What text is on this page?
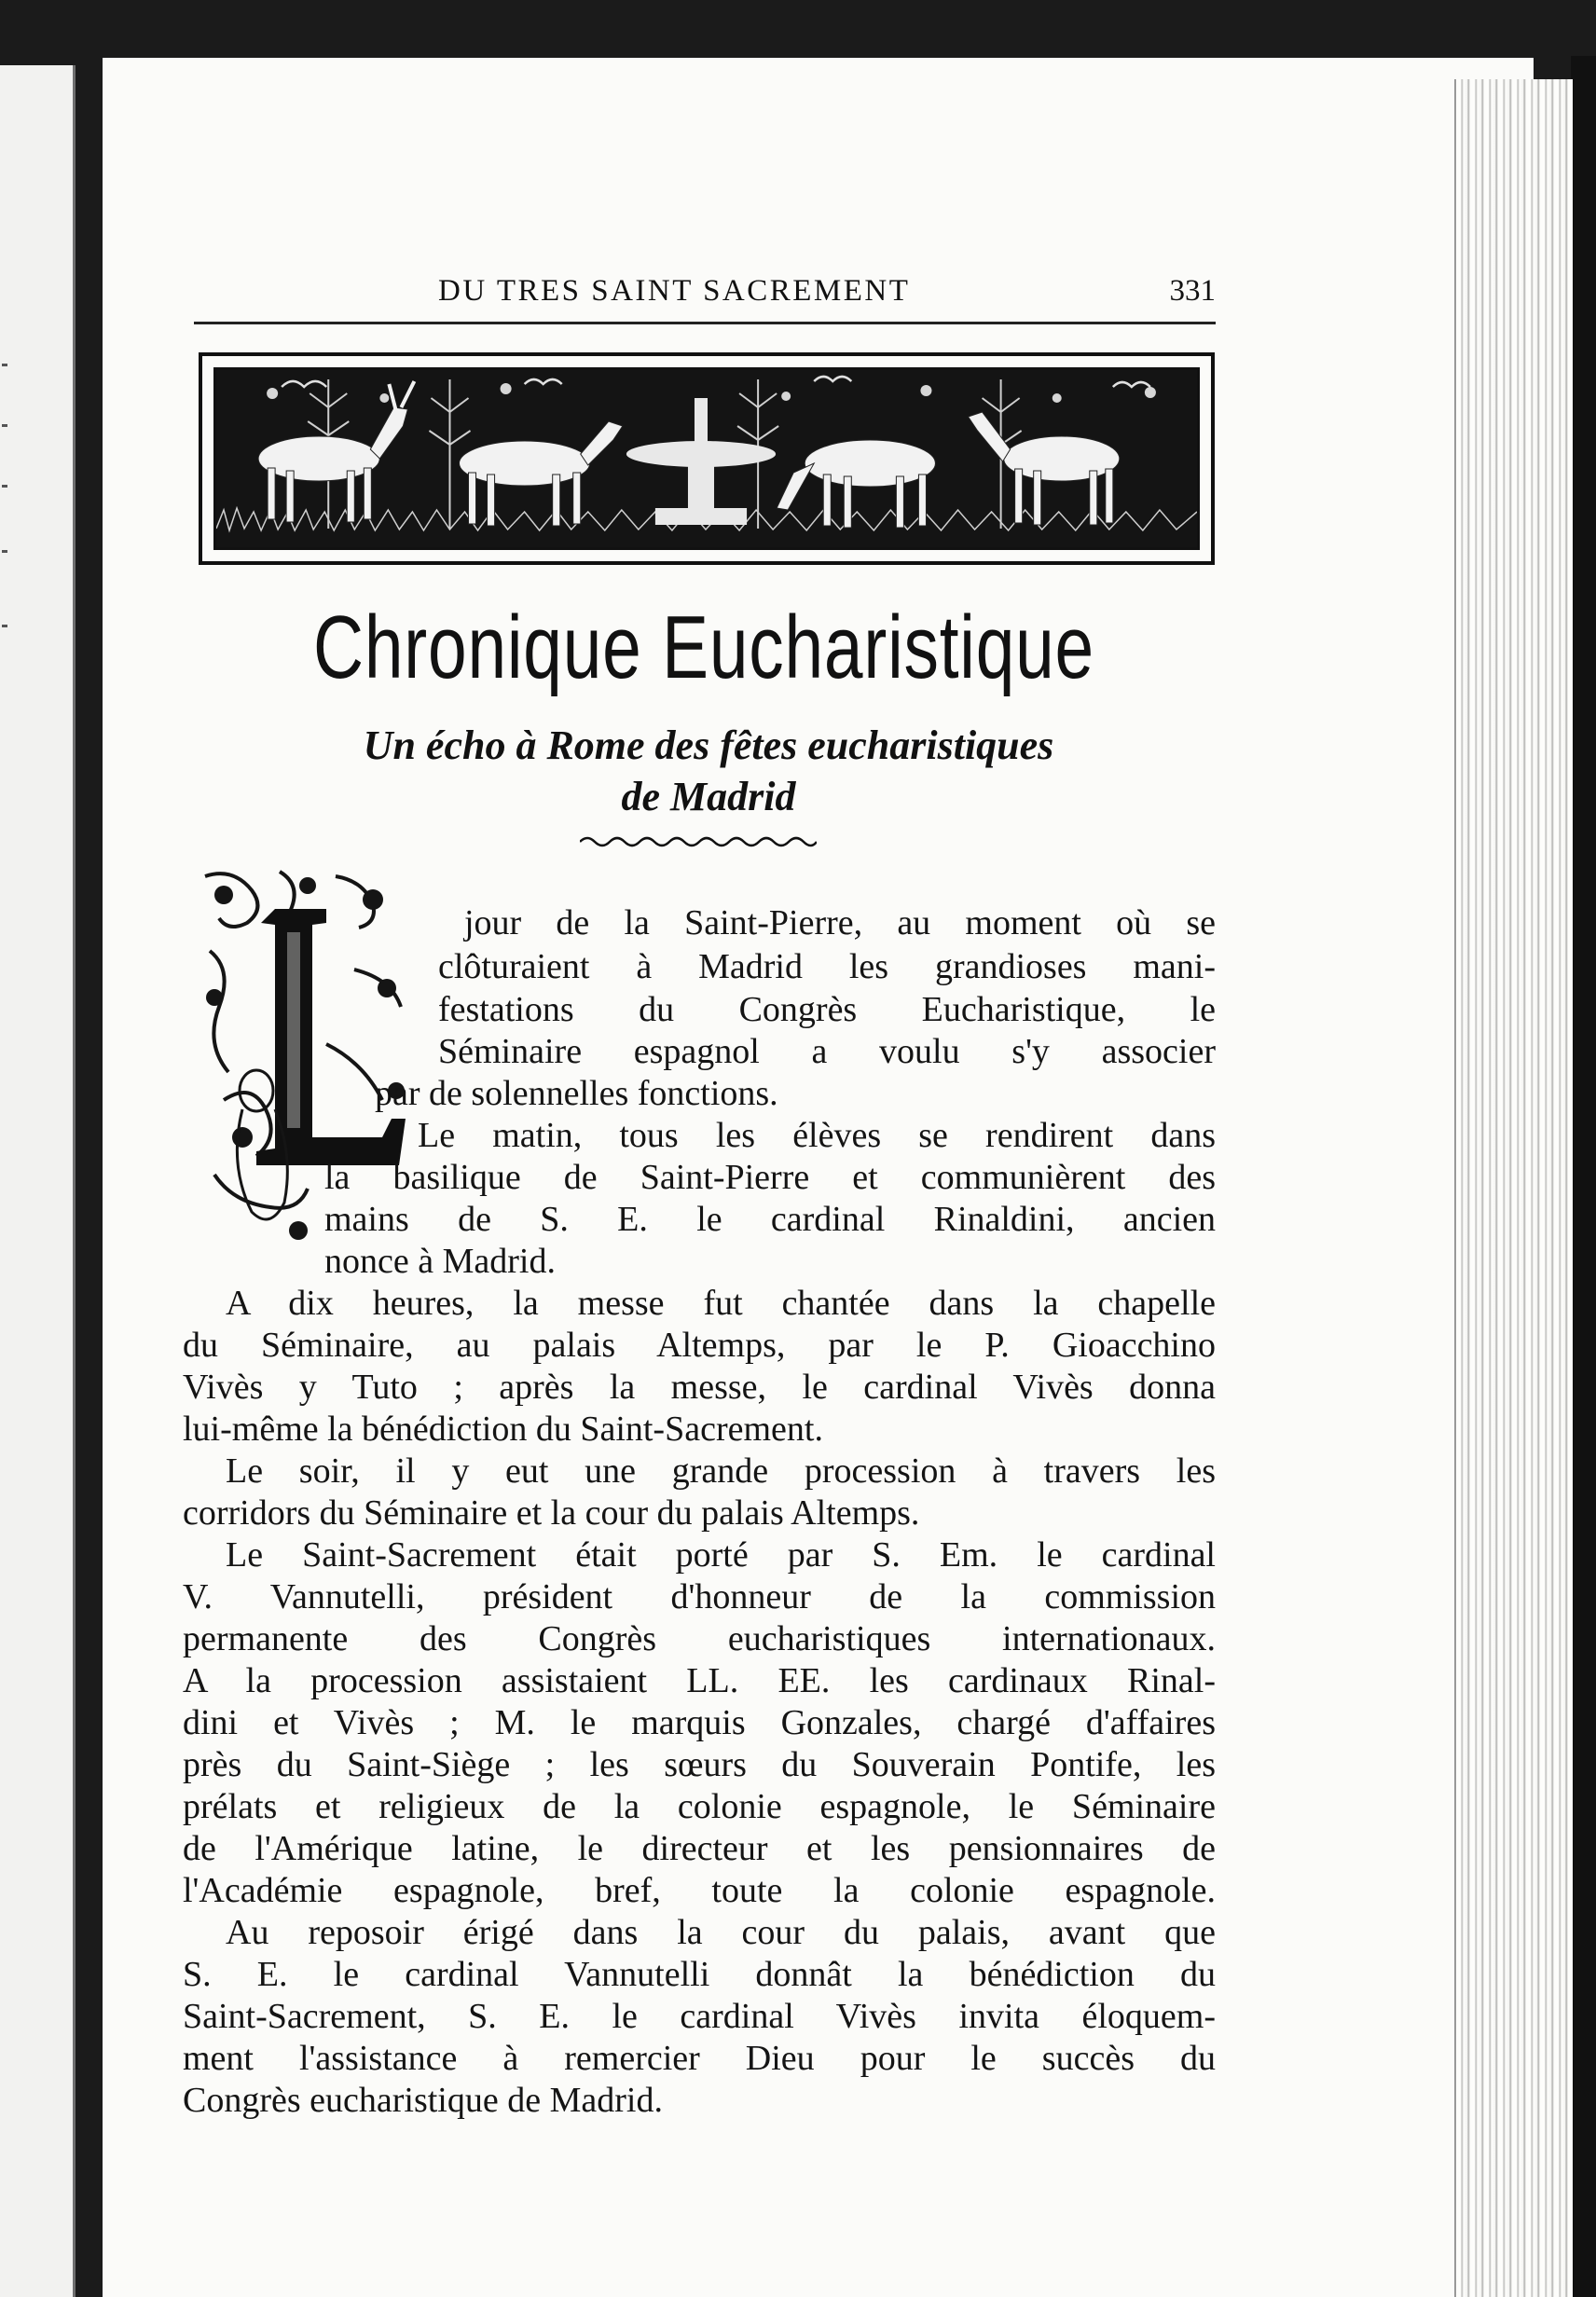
DU TRES SAINT SACREMENT	331
Chronique Eucharistique
Un écho à Rome des fêtes eucharistiques
de Madrid
jour de la Saint-Pierre, au moment où se
clôturaient à Madrid les grandioses mani-
festations du Congrès Eucharistique, le
Séminaire espagnol a voulu s'y associer
par de solennelles fonctions.
Le matin, tous les élèves se rendirent dans
la basilique de Saint-Pierre et communièrent des
mains de S. E. le cardinal Rinaldini, ancien
nonce à Madrid.
A dix heures, la messe fut chantée dans la chapelle
du Séminaire, au palais Altemps, par le P. Gioacchino
Vivès y Tuto ; après la messe, le cardinal Vivès donna
lui-même la bénédiction du Saint-Sacrement.
Le soir, il y eut une grande procession à travers les
corridors du Séminaire et la cour du palais Altemps.
Le Saint-Sacrement était porté par S. Em. le cardinal
V. Vannutelli, président d'honneur de la commission
permanente des Congrès eucharistiques internationaux.
A la procession assistaient LL. EE. les cardinaux Rinal-
dini et Vivès ; M. le marquis Gonzales, chargé d'affaires
près du Saint-Siège ; les sœurs du Souverain Pontife, les
prélats et religieux de la colonie espagnole, le Séminaire
de l'Amérique latine, le directeur et les pensionnaires de
l'Académie espagnole, bref, toute la colonie espagnole.
Au reposoir érigé dans la cour du palais, avant que
S. E. le cardinal Vannutelli donnât la bénédiction du
Saint-Sacrement, S. E. le cardinal Vivès invita éloquem-
ment l'assistance à remercier Dieu pour le succès du
Congrès eucharistique de Madrid.
